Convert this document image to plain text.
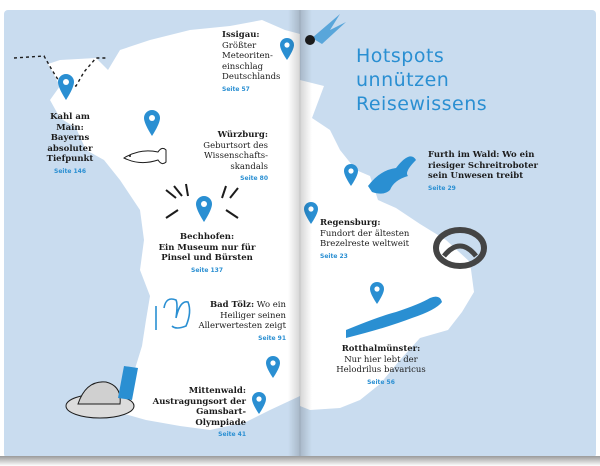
Hotspots
unnützen
Reisewissens
Issigau: Größter Meteoriten-einschlag Deutschlands
Seite 57
Kahl am Main:
Bayerns absoluter Tiefpunkt
Seite 146
Würzburg: Geburtsort des Wissenschafts-skandals
Seite 80
Bechhofen:
Ein Museum nur für Pinsel und Bürsten
Seite 137
Bad Tölz: Wo ein Heiliger seinen Allerwertesten zeigt
Seite 91
Mittenwald: Austragungsort der Gamsbart-Olympiade
Seite 41
Furth im Wald: Wo ein riesiger Schreitroboter sein Unwesen treibt
Seite 29
Regensburg: Fundort der ältesten Brezelreste weltweit
Seite 23
Rotthalmünster:
Nur hier lebt der Helodrilus bavaricus
Seite 56
